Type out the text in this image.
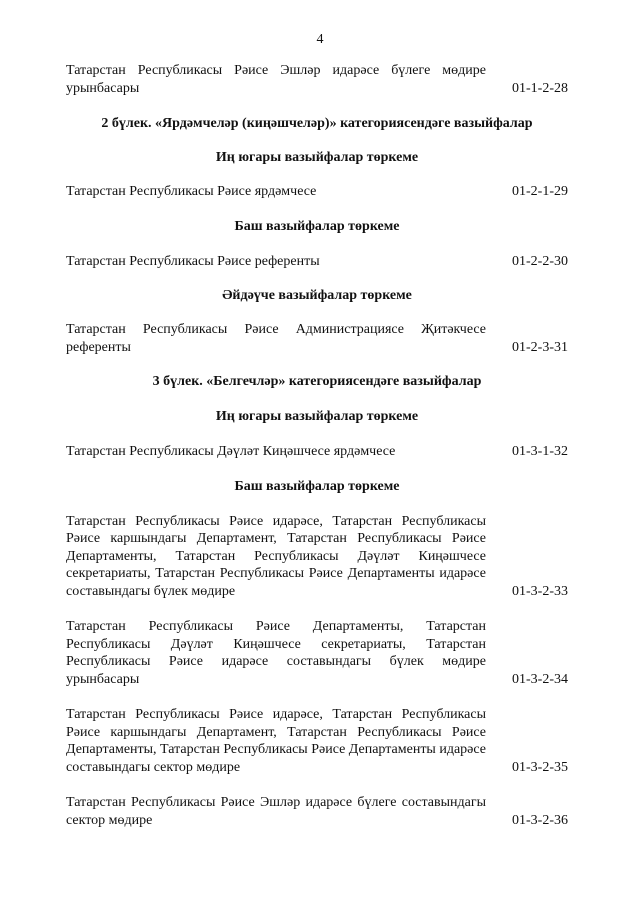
4
Татарстан Республикасы Рәисе Эшләр идарәсе бүлеге мөдире урынбасары	01-1-2-28
2 бүлек. «Ярдәмчеләр (киңәшчеләр)» категориясендәге вазыйфалар
Иң югары вазыйфалар төркеме
Татарстан Республикасы Рәисе ярдәмчесе	01-2-1-29
Баш вазыйфалар төркеме
Татарстан Республикасы Рәисе референты	01-2-2-30
Әйдәүче вазыйфалар төркеме
Татарстан Республикасы Рәисе Администрациясе Җитәкчесе референты	01-2-3-31
3 бүлек. «Белгечләр» категориясендәге вазыйфалар
Иң югары вазыйфалар төркеме
Татарстан Республикасы Дәүләт Киңәшчесе ярдәмчесе	01-3-1-32
Баш вазыйфалар төркеме
Татарстан Республикасы Рәисе идарәсе, Татарстан Республикасы Рәисе каршындагы Департамент, Татарстан Республикасы Рәисе Департаменты, Татарстан Республикасы Дәүләт Киңәшчесе секретариаты, Татарстан Республикасы Рәисе Департаменты идарәсе составындагы бүлек мөдире	01-3-2-33
Татарстан Республикасы Рәисе Департаменты, Татарстан Республикасы Дәүләт Киңәшчесе секретариаты, Татарстан Республикасы Рәисе идарәсе составындагы бүлек мөдире урынбасары	01-3-2-34
Татарстан Республикасы Рәисе идарәсе, Татарстан Республикасы Рәисе каршындагы Департамент, Татарстан Республикасы Рәисе Департаменты, Татарстан Республикасы Рәисе Департаменты идарәсе составындагы сектор мөдире	01-3-2-35
Татарстан Республикасы Рәисе Эшләр идарәсе бүлеге составындагы сектор мөдире	01-3-2-36
